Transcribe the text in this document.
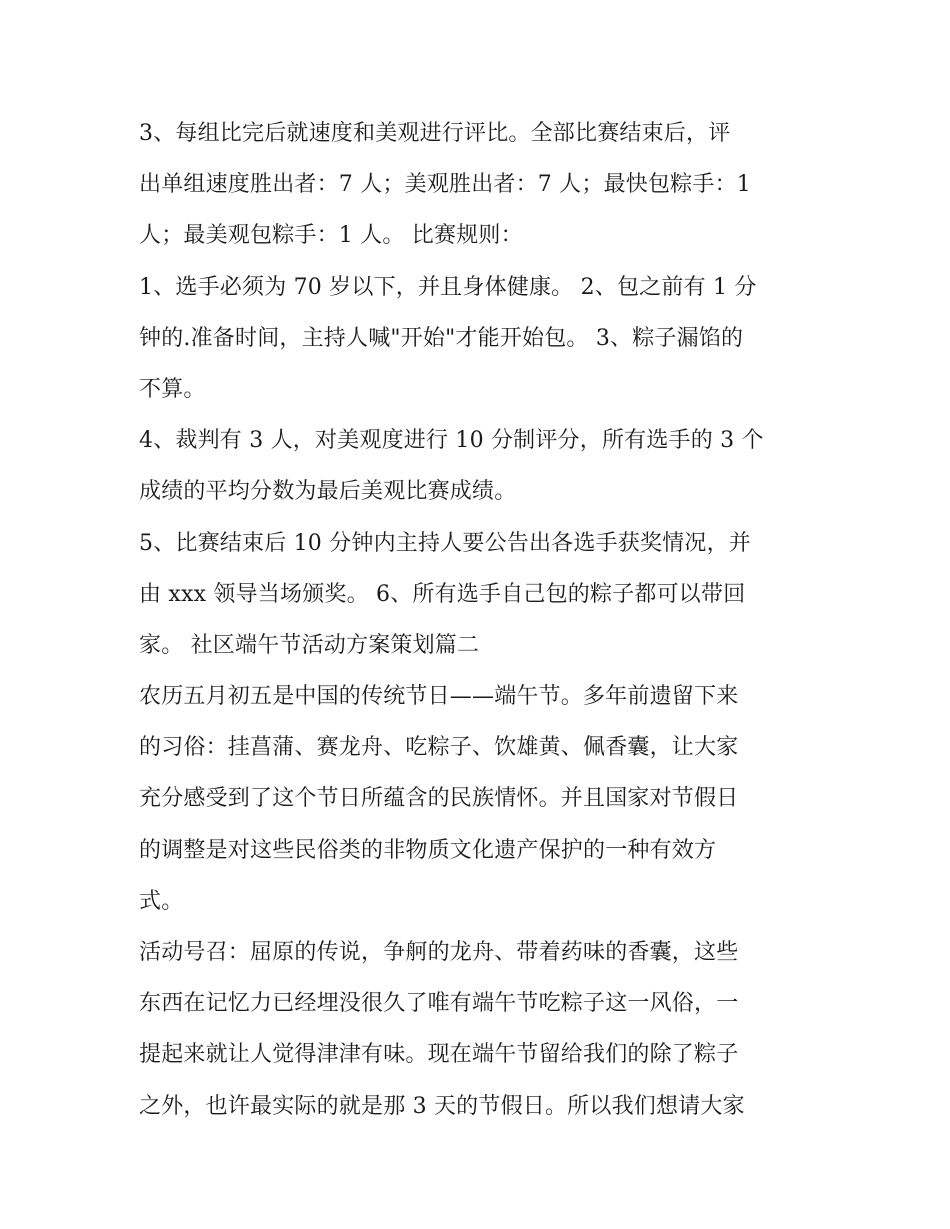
3、每组比完后就速度和美观进行评比。全部比赛结束后，评
出单组速度胜出者：7 人；美观胜出者：7 人；最快包粽手：1
人；最美观包粽手：1 人。 比赛规则：
1、选手必须为 70 岁以下，并且身体健康。 2、包之前有 1 分
钟的.准备时间，主持人喊"开始"才能开始包。 3、粽子漏馅的
不算。
4、裁判有 3 人，对美观度进行 10 分制评分，所有选手的 3 个
成绩的平均分数为最后美观比赛成绩。
5、比赛结束后 10 分钟内主持人要公告出各选手获奖情况，并
由 xxx 领导当场颁奖。 6、所有选手自己包的粽子都可以带回
家。 社区端午节活动方案策划篇二
农历五月初五是中国的传统节日——端午节。多年前遗留下来
的习俗：挂菖蒲、赛龙舟、吃粽子、饮雄黄、佩香囊，让大家
充分感受到了这个节日所蕴含的民族情怀。并且国家对节假日
的调整是对这些民俗类的非物质文化遗产保护的一种有效方
式。
活动号召：屈原的传说，争舸的龙舟、带着药味的香囊，这些
东西在记忆力已经埋没很久了唯有端午节吃粽子这一风俗，一
提起来就让人觉得津津有味。现在端午节留给我们的除了粽子
之外，也许最实际的就是那 3 天的节假日。所以我们想请大家
